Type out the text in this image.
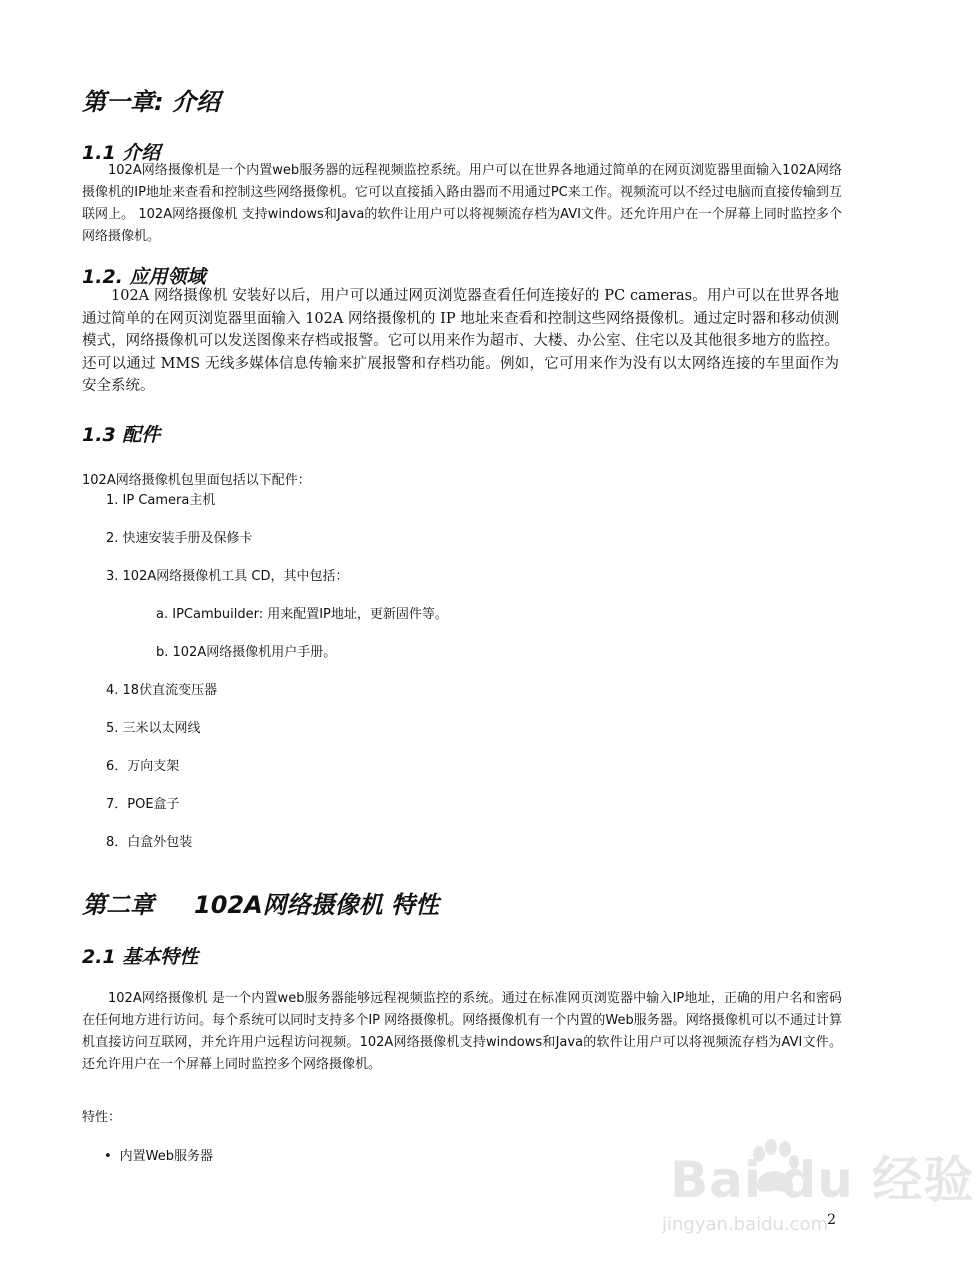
第一章: 介绍
1.1 介绍

102A网络摄像机是一个内置web服务器的远程视频监控系统。用户可以在世界各地通过简单的在网页浏览器里面输入102A网络摄像机的IP地址来查看和控制这些网络摄像机。它可以直接插入路由器而不用通过PC来工作。视频流可以不经过电脑而直接传输到互联网上。 102A网络摄像机 支持windows和Java的软件让用户可以将视频流存档为AVI文件。还允许用户在一个屏幕上同时监控多个网络摄像机。

1.2. 应用领域

102A 网络摄像机 安装好以后，用户可以通过网页浏览器查看任何连接好的 PC cameras。用户可以在世界各地通过简单的在网页浏览器里面输入 102A 网络摄像机的 IP 地址来查看和控制这些网络摄像机。通过定时器和移动侦测模式，网络摄像机可以发送图像来存档或报警。它可以用来作为超市、大楼、办公室、住宅以及其他很多地方的监控。还可以通过 MMS 无线多媒体信息传输来扩展报警和存档功能。例如，它可用来作为没有以太网络连接的车里面作为安全系统。

1.3 配件

102A网络摄像机包里面包括以下配件：

1. IP Camera主机

2. 快速安装手册及保修卡

3. 102A网络摄像机工具 CD，其中包括：

a. IPCambuilder: 用来配置IP地址，更新固件等。

b. 102A网络摄像机用户手册。

4. 18伏直流变压器

5. 三米以太网线

6．万向支架

7．POE盒子

8．白盒外包装

第二章 102A网络摄像机 特性
2.1 基本特性

102A网络摄像机 是一个内置web服务器能够远程视频监控的系统。通过在标准网页浏览器中输入IP地址，正确的用户名和密码在任何地方进行访问。每个系统可以同时支持多个IP 网络摄像机。网络摄像机有一个内置的Web服务器。网络摄像机可以不通过计算机直接访问互联网，并允许用户远程访问视频。102A网络摄像机支持windows和Java的软件让用户可以将视频流存档为AVI文件。还允许用户在一个屏幕上同时监控多个网络摄像机。

特性：

• 内置Web服务器

2

Bai du 经验
jingyan.baidu.com
